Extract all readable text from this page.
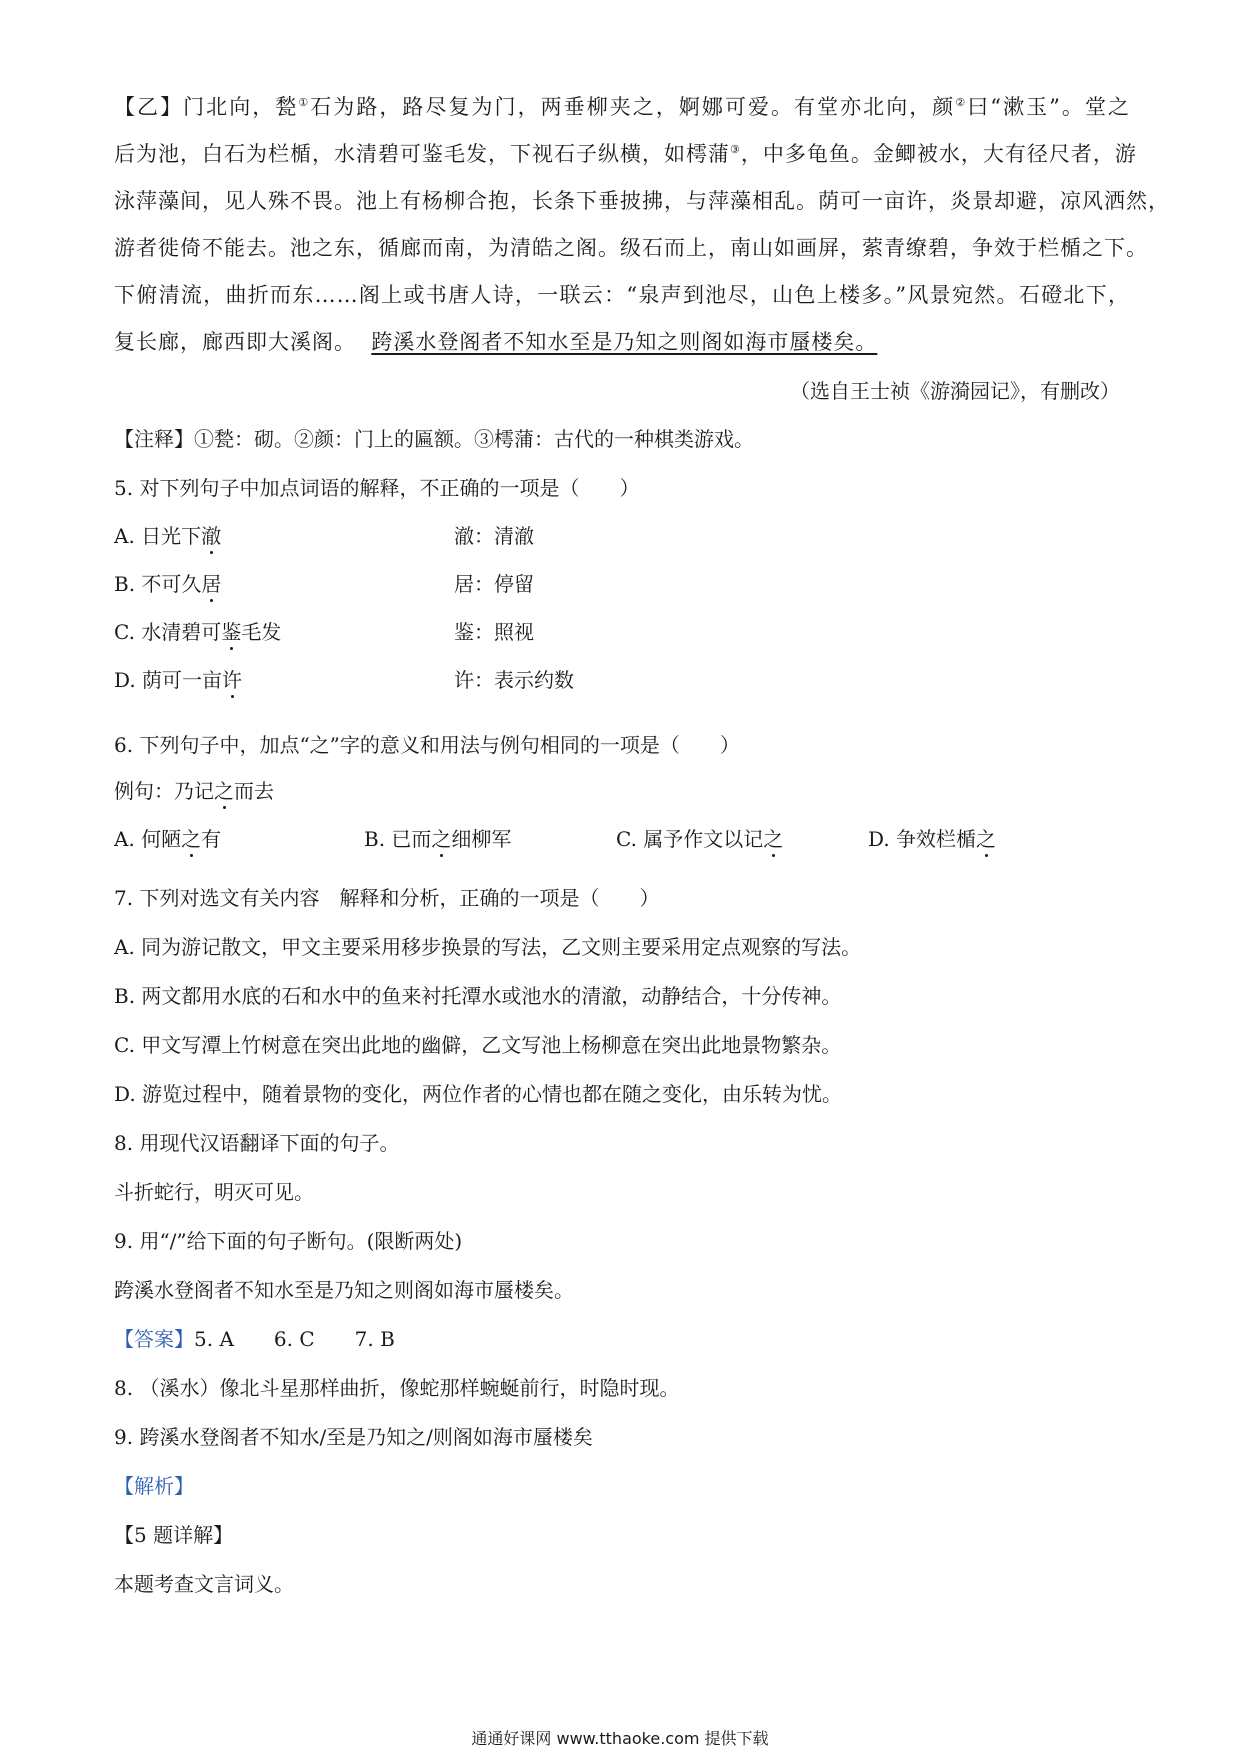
【乙】门北向，甃①石为路，路尽复为门，两垂柳夹之，婀娜可爱。有堂亦北向，颜②曰“漱玉”。堂之
后为池，白石为栏楯，水清碧可鉴毛发，下视石子纵横，如樗蒲③，中多龟鱼。金鲫被水，大有径尺者，游
泳萍藻间，见人殊不畏。池上有杨柳合抱，长条下垂披拂，与萍藻相乱。荫可一亩许，炎景却避，凉风洒然，
游者徙倚不能去。池之东，循廊而南，为清皓之阁。级石而上，南山如画屏，萦青缭碧，争效于栏楯之下。
下俯清流，曲折而东……阁上或书唐人诗，一联云：“泉声到池尽，山色上楼多。”风景宛然。石磴北下，
复长廊，廊西即大溪阁。 跨溪水登阁者不知水至是乃知之则阁如海市蜃楼矣。
（选自王士祯《游漪园记》，有删改）
【注释】①甃：砌。②颜：门上的匾额。③樗蒲：古代的一种棋类游戏。
5. 对下列句子中加点词语的解释，不正确的一项是（　　）
A. 日光下澈	澈：清澈
B. 不可久居	居：停留
C. 水清碧可鉴毛发	鉴：照视
D. 荫可一亩许	许：表示约数
6. 下列句子中，加点“之”字的意义和用法与例句相同的一项是（　　）
例句：乃记之而去
A. 何陋之有	B. 已而之细柳军	C. 属予作文以记之	D. 争效栏楯之
7. 下列对选文有关内容　解释和分析，正确的一项是（　　）
A. 同为游记散文，甲文主要采用移步换景的写法，乙文则主要采用定点观察的写法。
B. 两文都用水底的石和水中的鱼来衬托潭水或池水的清澈，动静结合，十分传神。
C. 甲文写潭上竹树意在突出此地的幽僻，乙文写池上杨柳意在突出此地景物繁杂。
D. 游览过程中，随着景物的变化，两位作者的心情也都在随之变化，由乐转为忧。
8. 用现代汉语翻译下面的句子。
斗折蛇行，明灭可见。
9. 用“/”给下面的句子断句。(限断两处)
跨溪水登阁者不知水至是乃知之则阁如海市蜃楼矣。
【答案】5. A　　6. C　　7. B
8. （溪水）像北斗星那样曲折，像蛇那样蜿蜒前行，时隐时现。
9. 跨溪水登阁者不知水/至是乃知之/则阁如海市蜃楼矣
【解析】
【5 题详解】
本题考查文言词义。
通通好课网 www.tthaoke.com 提供下载
